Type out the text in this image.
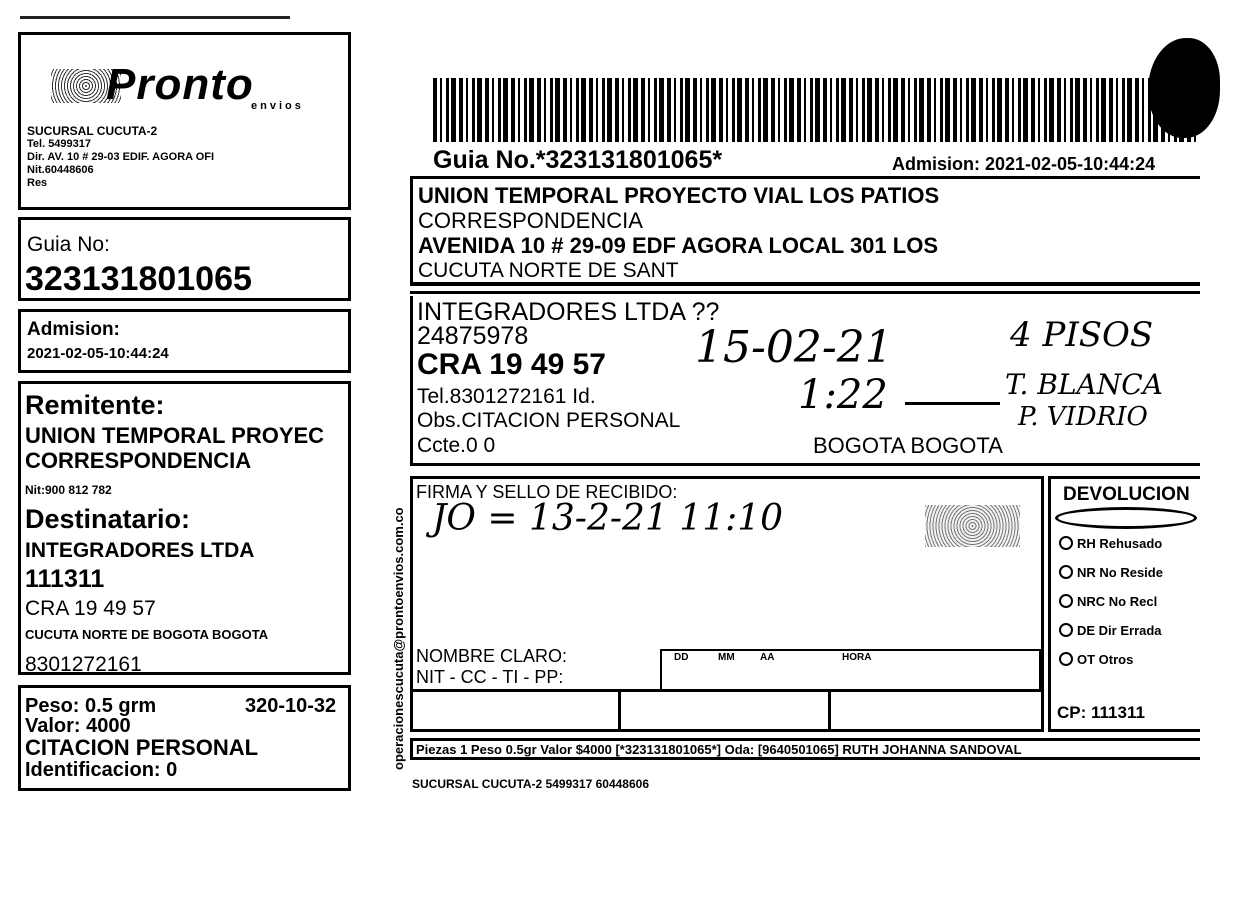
Pronto
envios
SUCURSAL CUCUTA-2
Tel. 5499317
Dir. AV. 10 # 29-03 EDIF. AGORA OFI
Nit.60448606
Res
Guia No:
323131801065
Admision:
2021-02-05-10:44:24
Remitente:
UNION TEMPORAL PROYEC
CORRESPONDENCIA
Nit:900 812 782
Destinatario:
INTEGRADORES LTDA
111311
CRA 19 49 57
CUCUTA NORTE DE BOGOTA BOGOTA
8301272161
Peso: 0.5 grm	320-10-32
Valor: 4000
CITACION PERSONAL
Identificacion: 0	operacionescucuta@prontoenvios.com.co
Guia No.*323131801065*	Admision: 2021-02-05-10:44:24
UNION TEMPORAL PROYECTO VIAL LOS PATIOS
CORRESPONDENCIA
AVENIDA 10 # 29-09 EDF AGORA LOCAL 301 LOS
CUCUTA NORTE DE SANT
INTEGRADORES LTDA ??
24875978
CRA 19 49 57
Tel.8301272161 Id.
Obs.CITACION PERSONAL
Ccte.0 0	BOGOTA BOGOTA
15-02-21
1:22
4 PISOS
T. BLANCA
P. VIDRIO
FIRMA Y SELLO DE RECIBIDO:
NOMBRE CLARO:
NIT - CC - TI - PP:
DD	MM	AA	HORA
JO = 13-2-21 11:10
DEVOLUCION
RH Rehusado
NR No Reside
NRC No Recl
DE Dir Errada
OT Otros
CP: 111311
Piezas 1 Peso 0.5gr Valor $4000 [*323131801065*] Oda: [9640501065] RUTH JOHANNA SANDOVAL
SUCURSAL CUCUTA-2 5499317 60448606
